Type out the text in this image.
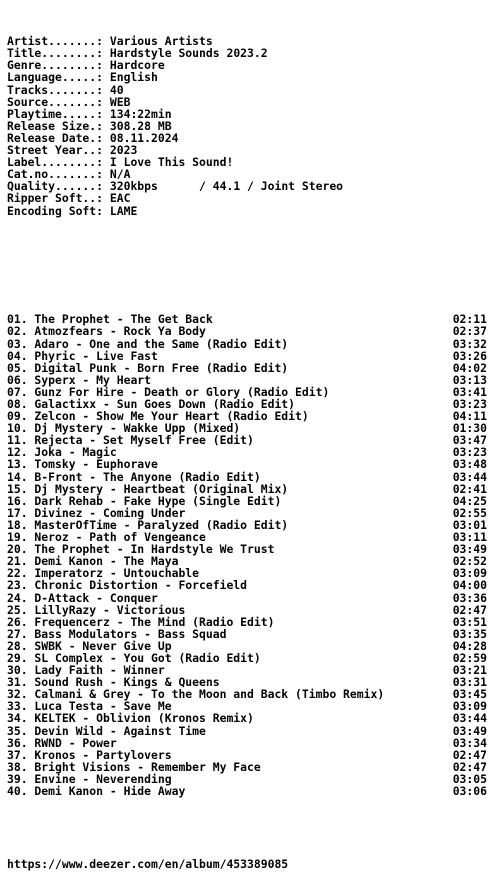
Artist.......: Various Artists
Title........: Hardstyle Sounds 2023.2
Genre........: Hardcore
Language.....: English
Tracks.......: 40
Source.......: WEB
Playtime.....: 134:22min
Release Size.: 308.28 MB
Release Date.: 08.11.2024
Street Year..: 2023
Label........: I Love This Sound!
Cat.no.......: N/A
Quality......: 320kbps      / 44.1 / Joint Stereo
Ripper Soft..: EAC
Encoding Soft: LAME

01. The Prophet - The Get Back	02:11
02. Atmozfears - Rock Ya Body	02:37
03. Adaro - One and the Same (Radio Edit)	03:32
04. Phyric - Live Fast	03:26
05. Digital Punk - Born Free (Radio Edit)	04:02
06. Syperx - My Heart	03:13
07. Gunz For Hire - Death or Glory (Radio Edit)	03:41
08. Galactixx - Sun Goes Down (Radio Edit)	03:23
09. Zelcon - Show Me Your Heart (Radio Edit)	04:11
10. Dj Mystery - Wakke Upp (Mixed)	01:30
11. Rejecta - Set Myself Free (Edit)	03:47
12. Joka - Magic	03:23
13. Tomsky - Euphorave	03:48
14. B-Front - The Anyone (Radio Edit)	03:44
15. Dj Mystery - Heartbeat (Original Mix)	02:41
16. Dark Rehab - Fake Hype (Single Edit)	04:25
17. Divinez - Coming Under	02:55
18. MasterOfTime - Paralyzed (Radio Edit)	03:01
19. Neroz - Path of Vengeance	03:11
20. The Prophet - In Hardstyle We Trust	03:49
21. Demi Kanon - The Maya	02:52
22. Imperatorz - Untouchable	03:09
23. Chronic Distortion - Forcefield	04:00
24. D-Attack - Conquer	03:36
25. LillyRazy - Victorious	02:47
26. Frequencerz - The Mind (Radio Edit)	03:51
27. Bass Modulators - Bass Squad	03:35
28. SWBK - Never Give Up	04:28
29. SL Complex - You Got (Radio Edit)	02:59
30. Lady Faith - Winner	03:21
31. Sound Rush - Kings & Queens	03:31
32. Calmani & Grey - To the Moon and Back (Timbo Remix)	03:45
33. Luca Testa - Save Me	03:09
34. KELTEK - Oblivion (Kronos Remix)	03:44
35. Devin Wild - Against Time	03:49
36. RWND - Power	03:34
37. Kronos - Partylovers	02:47
38. Bright Visions - Remember My Face	02:47
39. Envine - Neverending	03:05
40. Demi Kanon - Hide Away	03:06

https://www.deezer.com/en/album/453389085
